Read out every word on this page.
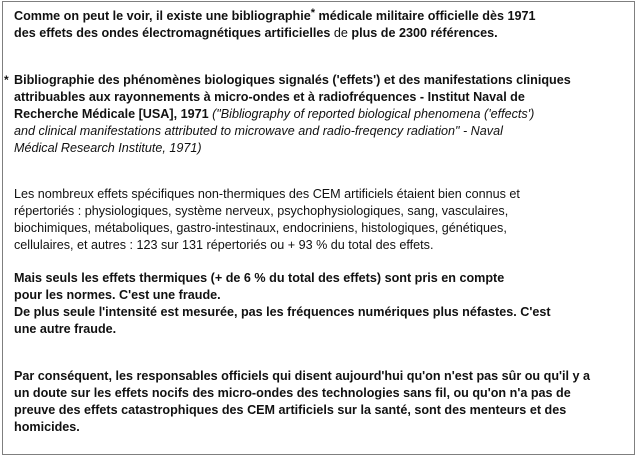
Comme on peut le voir, il existe une bibliographie* médicale militaire officielle dès 1971
des effets des ondes électromagnétiques artificielles de plus de 2300 références.

* Bibliographie des phénomènes biologiques signalés ('effets') et des manifestations cliniques
attribuables aux rayonnements à micro-ondes et à radiofréquences - Institut Naval de
Recherche Médicale [USA], 1971 ("Bibliography of reported biological phenomena ('effects')
and clinical manifestations attributed to microwave and radio-freqency radiation" - Naval
Médical Research Institute, 1971)

Les nombreux effets spécifiques non-thermiques des CEM artificiels étaient bien connus et
répertoriés : physiologiques, système nerveux, psychophysiologiques, sang, vasculaires,
biochimiques, métaboliques, gastro-intestinaux, endocriniens, histologiques, génétiques,
cellulaires, et autres : 123 sur 131 répertoriés ou + 93 % du total des effets.

Mais seuls les effets thermiques (+ de 6 % du total des effets) sont pris en compte
pour les normes. C'est une fraude.
De plus seule l'intensité est mesurée, pas les fréquences numériques plus néfastes. C'est
une autre fraude.

Par conséquent, les responsables officiels qui disent aujourd'hui qu'on n'est pas sûr ou qu'il y a
un doute sur les effets nocifs des micro-ondes des technologies sans fil, ou qu'on n'a pas de
preuve des effets catastrophiques des CEM artificiels sur la santé, sont des menteurs et des
homicides.
